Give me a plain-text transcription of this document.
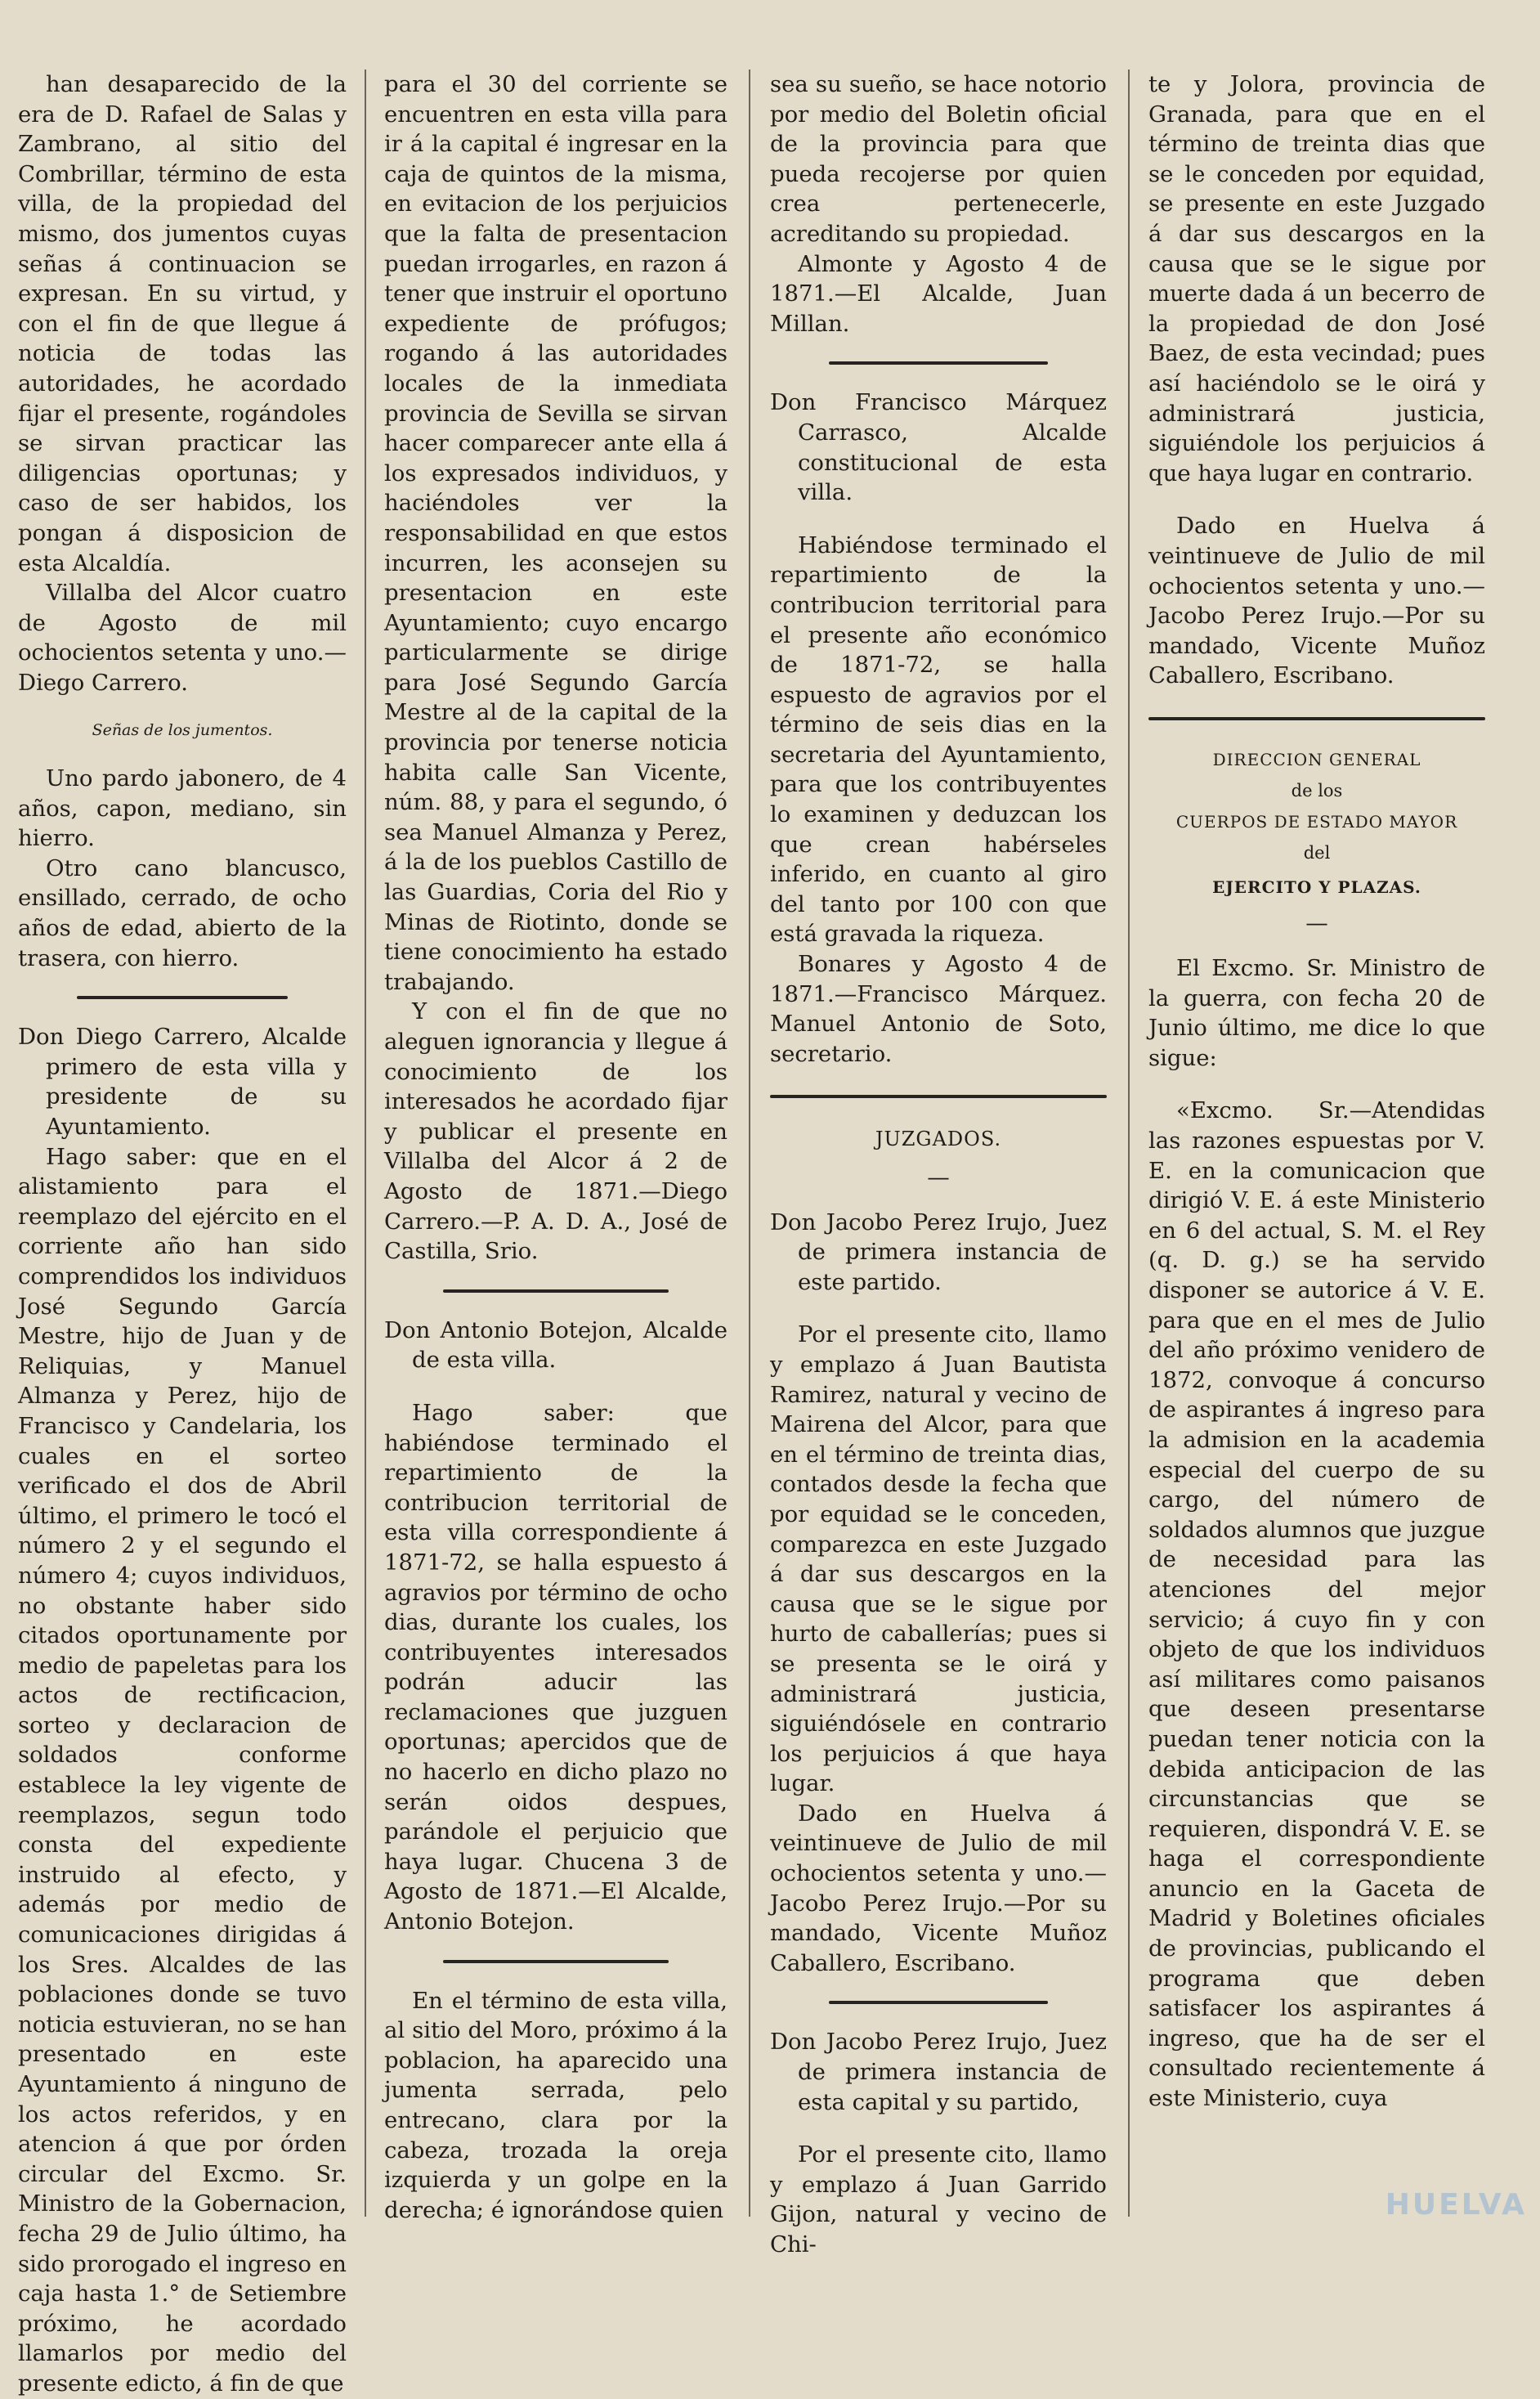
han desaparecido de la era de D. Rafael de Salas y Zambrano, al sitio del Combrillar, término de esta villa, de la propiedad del mismo, dos jumentos cuyas señas á continuacion se expresan. En su virtud, y con el fin de que llegue á noticia de todas las autoridades, he acordado fijar el presente, rogándoles se sirvan practicar las diligencias oportunas; y caso de ser habidos, los pongan á disposicion de esta Alcaldía.

Villalba del Alcor cuatro de Agosto de mil ochocientos setenta y uno.—Diego Carrero.

Señas de los jumentos.

Uno pardo jabonero, de 4 años, capon, mediano, sin hierro.

Otro cano blancusco, ensillado, cerrado, de ocho años de edad, abierto de la trasera, con hierro.

Don Diego Carrero, Alcalde primero de esta villa y presidente de su Ayuntamiento.

Hago saber: que en el alistamiento para el reemplazo del ejército en el corriente año han sido comprendidos los individuos José Segundo García Mestre, hijo de Juan y de Reliquias, y Manuel Almanza y Perez, hijo de Francisco y Candelaria, los cuales en el sorteo verificado el dos de Abril último, el primero le tocó el número 2 y el segundo el número 4; cuyos individuos, no obstante haber sido citados oportunamente por medio de papeletas para los actos de rectificacion, sorteo y declaracion de soldados conforme establece la ley vigente de reemplazos, segun todo consta del expediente instruido al efecto, y además por medio de comunicaciones dirigidas á los Sres. Alcaldes de las poblaciones donde se tuvo noticia estuvieran, no se han presentado en este Ayuntamiento á ninguno de los actos referidos, y en atencion á que por órden circular del Excmo. Sr. Ministro de la Gobernacion, fecha 29 de Julio último, ha sido prorogado el ingreso en caja hasta 1.° de Setiembre próximo, he acordado llamarlos por medio del presente edicto, á fin de que

para el 30 del corriente se encuentren en esta villa para ir á la capital é ingresar en la caja de quintos de la misma, en evitacion de los perjuicios que la falta de presentacion puedan irrogarles, en razon á tener que instruir el oportuno expediente de prófugos; rogando á las autoridades locales de la inmediata provincia de Sevilla se sirvan hacer comparecer ante ella á los expresados individuos, y haciéndoles ver la responsabilidad en que estos incurren, les aconsejen su presentacion en este Ayuntamiento; cuyo encargo particularmente se dirige para José Segundo García Mestre al de la capital de la provincia por tenerse noticia habita calle San Vicente, núm. 88, y para el segundo, ó sea Manuel Almanza y Perez, á la de los pueblos Castillo de las Guardias, Coria del Rio y Minas de Riotinto, donde se tiene conocimiento ha estado trabajando.

Y con el fin de que no aleguen ignorancia y llegue á conocimiento de los interesados he acordado fijar y publicar el presente en Villalba del Alcor á 2 de Agosto de 1871.—Diego Carrero.—P. A. D. A., José de Castilla, Srio.

Don Antonio Botejon, Alcalde de esta villa.

Hago saber: que habiéndose terminado el repartimiento de la contribucion territorial de esta villa correspondiente á 1871-72, se halla espuesto á agravios por término de ocho dias, durante los cuales, los contribuyentes interesados podrán aducir las reclamaciones que juzguen oportunas; apercidos que de no hacerlo en dicho plazo no serán oidos despues, parándole el perjuicio que haya lugar. Chucena 3 de Agosto de 1871.—El Alcalde, Antonio Botejon.

En el término de esta villa, al sitio del Moro, próximo á la poblacion, ha aparecido una jumenta serrada, pelo entrecano, clara por la cabeza, trozada la oreja izquierda y un golpe en la derecha; é ignorándose quien

sea su sueño, se hace notorio por medio del Boletin oficial de la provincia para que pueda recojerse por quien crea pertenecerle, acreditando su propiedad.

Almonte y Agosto 4 de 1871.—El Alcalde, Juan Millan.

Don Francisco Márquez Carrasco, Alcalde constitucional de esta villa.

Habiéndose terminado el repartimiento de la contribucion territorial para el presente año económico de 1871-72, se halla espuesto de agravios por el término de seis dias en la secretaria del Ayuntamiento, para que los contribuyentes lo examinen y deduzcan los que crean habérseles inferido, en cuanto al giro del tanto por 100 con que está gravada la riqueza.

Bonares y Agosto 4 de 1871.—Francisco Márquez. Manuel Antonio de Soto, secretario.

JUZGADOS.

—

Don Jacobo Perez Irujo, Juez de primera instancia de este partido.

Por el presente cito, llamo y emplazo á Juan Bautista Ramirez, natural y vecino de Mairena del Alcor, para que en el término de treinta dias, contados desde la fecha que por equidad se le conceden, comparezca en este Juzgado á dar sus descargos en la causa que se le sigue por hurto de caballerías; pues si se presenta se le oirá y administrará justicia, siguiéndósele en contrario los perjuicios á que haya lugar.

Dado en Huelva á veintinueve de Julio de mil ochocientos setenta y uno.—Jacobo Perez Irujo.—Por su mandado, Vicente Muñoz Caballero, Escribano.

Don Jacobo Perez Irujo, Juez de primera instancia de esta capital y su partido,

Por el presente cito, llamo y emplazo á Juan Garrido Gijon, natural y vecino de Chi-

te y Jolora, provincia de Granada, para que en el término de treinta dias que se le conceden por equidad, se presente en este Juzgado á dar sus descargos en la causa que se le sigue por muerte dada á un becerro de la propiedad de don José Baez, de esta vecindad; pues así haciéndolo se le oirá y administrará justicia, siguiéndole los perjuicios á que haya lugar en contrario.

Dado en Huelva á veintinueve de Julio de mil ochocientos setenta y uno.—Jacobo Perez Irujo.—Por su mandado, Vicente Muñoz Caballero, Escribano.

DIRECCION GENERAL

de los

CUERPOS DE ESTADO MAYOR

del

EJERCITO Y PLAZAS.

—

El Excmo. Sr. Ministro de la guerra, con fecha 20 de Junio último, me dice lo que sigue:

«Excmo. Sr.—Atendidas las razones espuestas por V. E. en la comunicacion que dirigió V. E. á este Ministerio en 6 del actual, S. M. el Rey (q. D. g.) se ha servido disponer se autorice á V. E. para que en el mes de Julio del año próximo venidero de 1872, convoque á concurso de aspirantes á ingreso para la admision en la academia especial del cuerpo de su cargo, del número de soldados alumnos que juzgue de necesidad para las atenciones del mejor servicio; á cuyo fin y con objeto de que los individuos así militares como paisanos que deseen presentarse puedan tener noticia con la debida anticipacion de las circunstancias que se requieren, dispondrá V. E. se haga el correspondiente anuncio en la Gaceta de Madrid y Boletines oficiales de provincias, publicando el programa que deben satisfacer los aspirantes á ingreso, que ha de ser el consultado recientemente á este Ministerio, cuya

HUELVA
